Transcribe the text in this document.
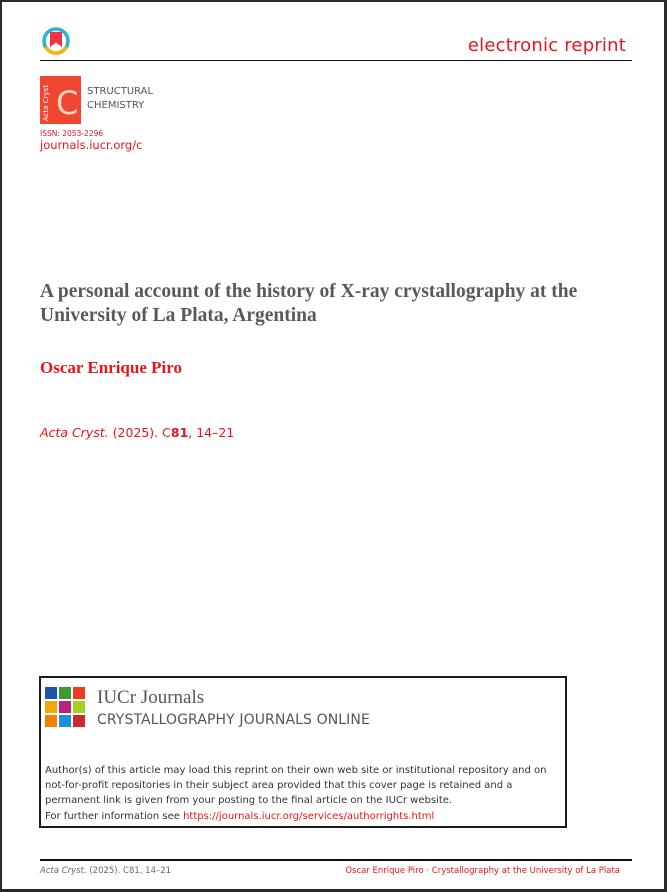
electronic reprint
Acta Cryst C STRUCTURAL
CHEMISTRY
ISSN: 2053-2296
journals.iucr.org/c
A personal account of the history of X-ray crystallography at the University of La Plata, Argentina
Oscar Enrique Piro
Acta Cryst. (2025). C81, 14–21
IUCr Journals
CRYSTALLOGRAPHY JOURNALS ONLINE
Author(s) of this article may load this reprint on their own web site or institutional repository and on not-for-profit repositories in their subject area provided that this cover page is retained and a permanent link is given from your posting to the final article on the IUCr website.
For further information see https://journals.iucr.org/services/authorrights.html
Acta Cryst. (2025). C81, 14–21	Oscar Enrique Piro · Crystallography at the University of La Plata
